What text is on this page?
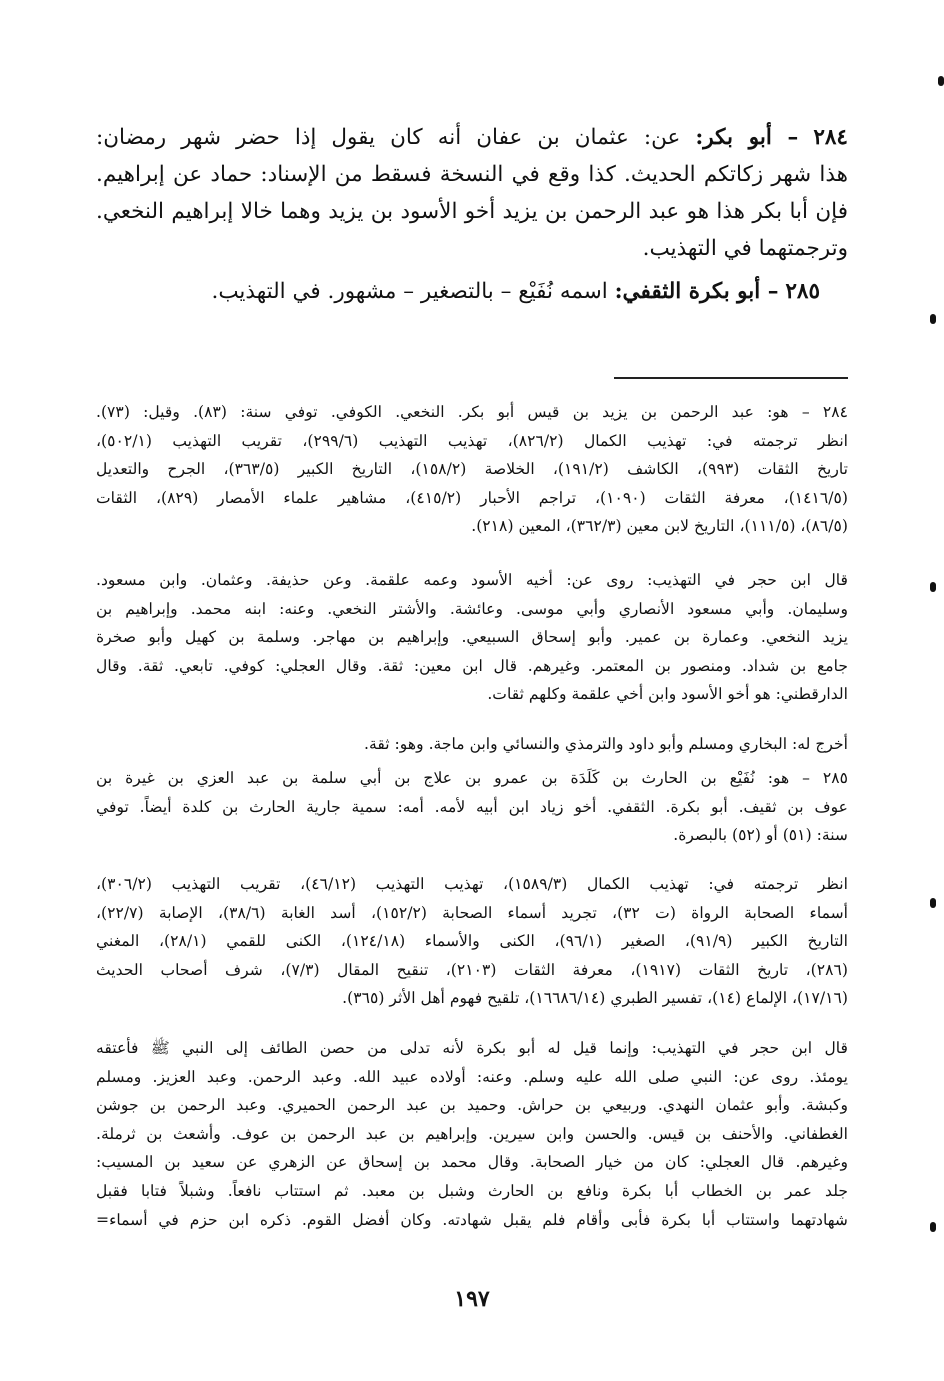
٢٨٤ – أبو بكر: عن: عثمان بن عفان أنه كان يقول إذا حضر شهر رمضان:
هذا شهر زكاتكم الحديث. كذا وقع في النسخة فسقط من الإسناد: حماد عن إبراهيم.
فإن أبا بكر هذا هو عبد الرحمن بن يزيد أخو الأسود بن يزيد وهما خالا إبراهيم النخعي.
وترجمتهما في التهذيب.
٢٨٥ – أبو بكرة الثقفي: اسمه نُفَيْع – بالتصغير – مشهور. في التهذيب.
٢٨٤ – هو: عبد الرحمن بن يزيد بن قيس أبو بكر. النخعي. الكوفي. توفي سنة: (٨٣). وقيل: (٧٣).
انظر ترجمته في: تهذيب الكمال (٨٢٦/٢)، تهذيب التهذيب (٢٩٩/٦)، تقريب التهذيب (٥٠٢/١)،
تاريخ الثقات (٩٩٣)، الكاشف (١٩١/٢)، الخلاصة (١٥٨/٢)، التاريخ الكبير (٣٦٣/٥)، الجرح والتعديل
(١٤١٦/٥)، معرفة الثقات (١٠٩٠)، تراجم الأحبار (٤١٥/٢)، مشاهير علماء الأمصار (٨٢٩)، الثقات
(٨٦/٥)، (١١١/٥)، التاريخ لابن معين (٣٦٢/٣)، المعين (٢١٨).
قال ابن حجر في التهذيب: روى عن: أخيه الأسود وعمه علقمة. وعن حذيفة. وعثمان. وابن مسعود.
وسليمان. وأبي مسعود الأنصاري وأبي موسى. وعائشة. والأشتر النخعي. وعنه: ابنه محمد. وإبراهيم بن
يزيد النخعي. وعمارة بن عمير. وأبو إسحاق السبيعي. وإبراهيم بن مهاجر. وسلمة بن كهيل وأبو صخرة
جامع بن شداد. ومنصور بن المعتمر. وغيرهم. قال ابن معين: ثقة. وقال العجلي: كوفي. تابعي. ثقة. وقال
الدارقطني: هو أخو الأسود وابن أخي علقمة وكلهم ثقات.
أخرج له: البخاري ومسلم وأبو داود والترمذي والنسائي وابن ماجة. وهو: ثقة.
٢٨٥ – هو: نُفَيْع بن الحارث بن كَلَدَة بن عمرو بن علاج بن أبي سلمة بن عبد العزي بن غيرة بن
عوف بن ثقيف. أبو بكرة. الثقفي. أخو زياد ابن أبيه لأمه. أمه: سمية جارية الحارث بن كلدة أيضاً. توفي
سنة: (٥١) أو (٥٢) بالبصرة.
انظر ترجمته في: تهذيب الكمال (١٥٨٩/٣)، تهذيب التهذيب (٤٦/١٢)، تقريب التهذيب (٣٠٦/٢)،
أسماء الصحابة الرواة (ت ٣٢)، تجريد أسماء الصحابة (١٥٢/٢)، أسد الغابة (٣٨/٦)، الإصابة (٢٢/٧)،
التاريخ الكبير (٩١/٩)، الصغير (٩٦/١)، الكنى والأسماء (١٢٤/١٨)، الكنى للقمي (٢٨/١)، المغني
(٢٨٦)، تاريخ الثقات (١٩١٧)، معرفة الثقات (٢١٠٣)، تنقيح المقال (٧/٣)، شرف أصحاب الحديث
(١٧/١٦)، الإلماع (١٤)، تفسير الطبري (١٦٦٨٦/١٤)، تلقيح فهوم أهل الأثر (٣٦٥).
قال ابن حجر في التهذيب: وإنما قيل له أبو بكرة لأنه تدلى من حصن الطائف إلى النبي ﷺ فأعتقه
يومئذ. روى عن: النبي صلى الله عليه وسلم. وعنه: أولاده عبيد الله. وعبد الرحمن. وعبد العزيز. ومسلم
وكبشة. وأبو عثمان النهدي. وربيعي بن حراش. وحميد بن عبد الرحمن الحميري. وعبد الرحمن بن جوشن
الغطفاني. والأحنف بن قيس. والحسن وابن سيرين. وإبراهيم بن عبد الرحمن بن عوف. وأشعث بن ثرملة.
وغيرهم. قال العجلي: كان من خيار الصحابة. وقال محمد بن إسحاق عن الزهري عن سعيد بن المسيب:
جلد عمر بن الخطاب أبا بكرة ونافع بن الحارث وشبل بن معبد. ثم استتاب نافعاً. وشبلاً فتابا فقبل
شهادتهما واستتاب أبا بكرة فأبى وأقام فلم يقبل شهادته. وكان أفضل القوم. ذكره ابن حزم في أسماء=
١٩٧
